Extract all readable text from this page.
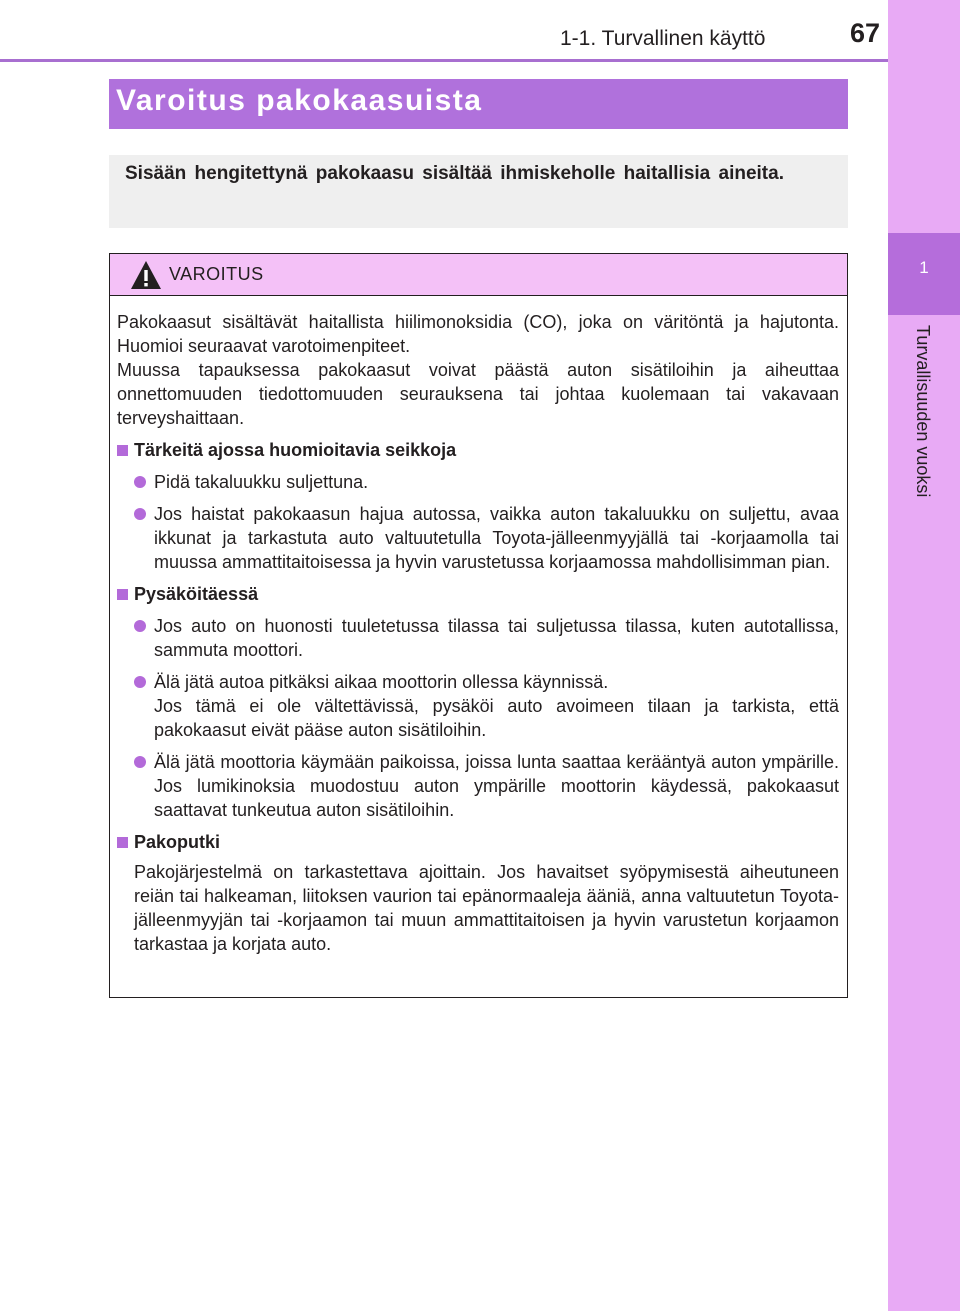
1-1. Turvallinen käyttö	67
1
Turvallisuuden vuoksi
Varoitus pakokaasuista

Sisään hengitettynä pakokaasu sisältää ihmiskeholle haitallisia aineita.

VAROITUS

Pakokaasut sisältävät haitallista hiilimonoksidia (CO), joka on väritöntä ja hajutonta. Huomioi seuraavat varotoimenpiteet.

Muussa tapauksessa pakokaasut voivat päästä auton sisätiloihin ja aiheuttaa onnettomuuden tiedottomuuden seurauksena tai johtaa kuolemaan tai vakavaan terveyshaittaan.

Tärkeitä ajossa huomioitavia seikkoja
Pidä takaluukku suljettuna.
Jos haistat pakokaasun hajua autossa, vaikka auton takaluukku on suljettu, avaa ikkunat ja tarkastuta auto valtuutetulla Toyota-jälleenmyyjällä tai -korjaamolla tai muussa ammattitaitoisessa ja hyvin varustetussa korjaamossa mahdollisimman pian.
Pysäköitäessä
Jos auto on huonosti tuuletetussa tilassa tai suljetussa tilassa, kuten autotallissa, sammuta moottori.
Älä jätä autoa pitkäksi aikaa moottorin ollessa käynnissä.
Jos tämä ei ole vältettävissä, pysäköi auto avoimeen tilaan ja tarkista, että pakokaasut eivät pääse auton sisätiloihin.
Älä jätä moottoria käymään paikoissa, joissa lunta saattaa kerääntyä auton ympärille. Jos lumikinoksia muodostuu auton ympärille moottorin käydessä, pakokaasut saattavat tunkeutua auton sisätiloihin.
Pakoputki
Pakojärjestelmä on tarkastettava ajoittain. Jos havaitset syöpymisestä aiheutuneen reiän tai halkeaman, liitoksen vaurion tai epänormaaleja ääniä, anna valtuutetun Toyota-jälleenmyyjän tai -korjaamon tai muun ammattitaitoisen ja hyvin varustetun korjaamon tarkastaa ja korjata auto.
